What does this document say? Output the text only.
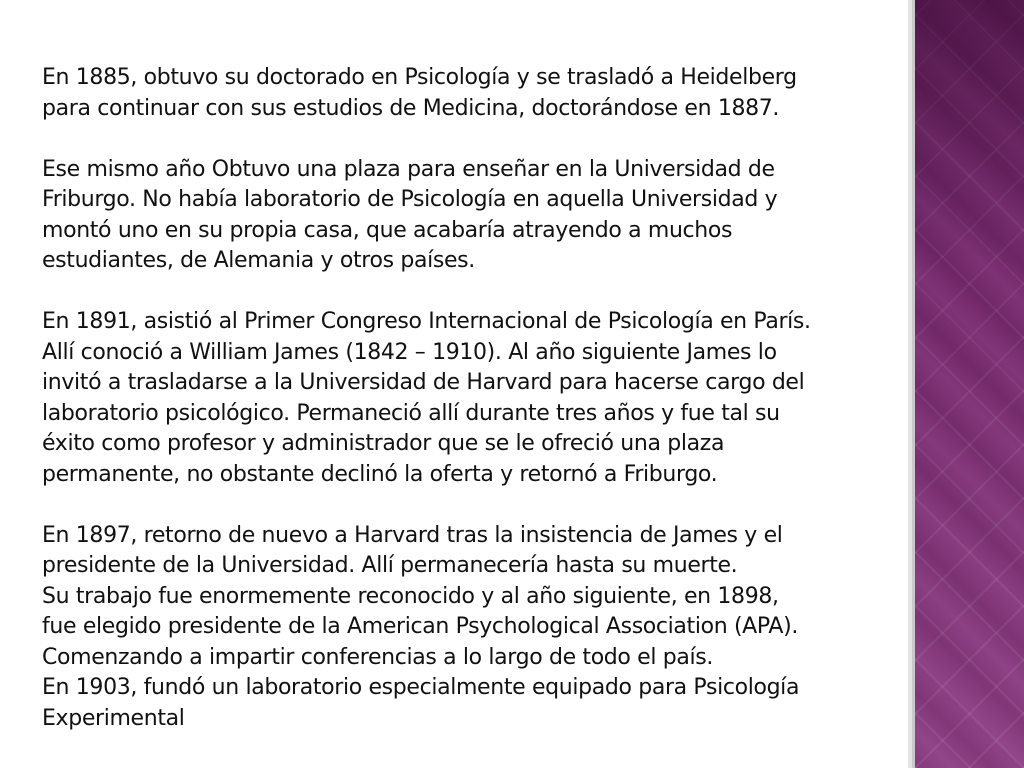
En 1885, obtuvo su doctorado en Psicología y se trasladó a Heidelberg
para continuar con sus estudios de Medicina, doctorándose en 1887.

Ese mismo año Obtuvo una plaza para enseñar en la Universidad de
Friburgo. No había laboratorio de Psicología en aquella Universidad y
montó uno en su propia casa, que acabaría atrayendo a muchos
estudiantes, de Alemania y otros países.

En 1891, asistió al Primer Congreso Internacional de Psicología en París.
Allí conoció a William James (1842 – 1910). Al año siguiente James lo
invitó a trasladarse a la Universidad de Harvard para hacerse cargo del
laboratorio psicológico. Permaneció allí durante tres años y fue tal su
éxito como profesor y administrador que se le ofreció una plaza
permanente, no obstante declinó la oferta y retornó a Friburgo.

En 1897, retorno de nuevo a Harvard tras la insistencia de James y el
presidente de la Universidad. Allí permanecería hasta su muerte.
Su trabajo fue enormemente reconocido y al año siguiente, en 1898,
fue elegido presidente de la American Psychological Association (APA).
Comenzando a impartir conferencias a lo largo de todo el país.
En 1903, fundó un laboratorio especialmente equipado para Psicología
Experimental
